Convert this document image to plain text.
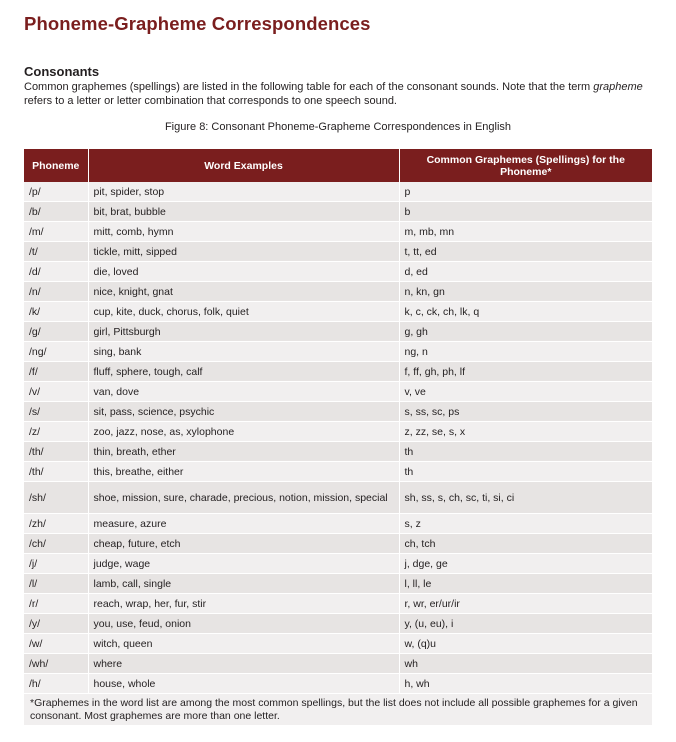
Phoneme-Grapheme Correspondences
Consonants

Common graphemes (spellings) are listed in the following table for each of the consonant sounds. Note that the term grapheme refers to a letter or letter combination that corresponds to one speech sound.

Figure 8: Consonant Phoneme-Grapheme Correspondences in English

Phoneme	Word Examples	Common Graphemes (Spellings) for the Phoneme*
/p/	pit, spider, stop	p
/b/	bit, brat, bubble	b
/m/	mitt, comb, hymn	m, mb, mn
/t/	tickle, mitt, sipped	t, tt, ed
/d/	die, loved	d, ed
/n/	nice, knight, gnat	n, kn, gn
/k/	cup, kite, duck, chorus, folk, quiet	k, c, ck, ch, lk, q
/g/	girl, Pittsburgh	g, gh
/ng/	sing, bank	ng, n
/f/	fluff, sphere, tough, calf	f, ff, gh, ph, lf
/v/	van, dove	v, ve
/s/	sit, pass, science, psychic	s, ss, sc, ps
/z/	zoo, jazz, nose, as, xylophone	z, zz, se, s, x
/th/	thin, breath, ether	th
/th/	this, breathe, either	th
/sh/	shoe, mission, sure, charade, precious, notion, mission, special	sh, ss, s, ch, sc, ti, si, ci
/zh/	measure, azure	s, z
/ch/	cheap, future, etch	ch, tch
/j/	judge, wage	j, dge, ge
/l/	lamb, call, single	l, ll, le
/r/	reach, wrap, her, fur, stir	r, wr, er/ur/ir
/y/	you, use, feud, onion	y, (u, eu), i
/w/	witch, queen	w, (q)u
/wh/	where	wh
/h/	house, whole	h, wh
*Graphemes in the word list are among the most common spellings, but the list does not include all possible graphemes for a given consonant. Most graphemes are more than one letter.		
